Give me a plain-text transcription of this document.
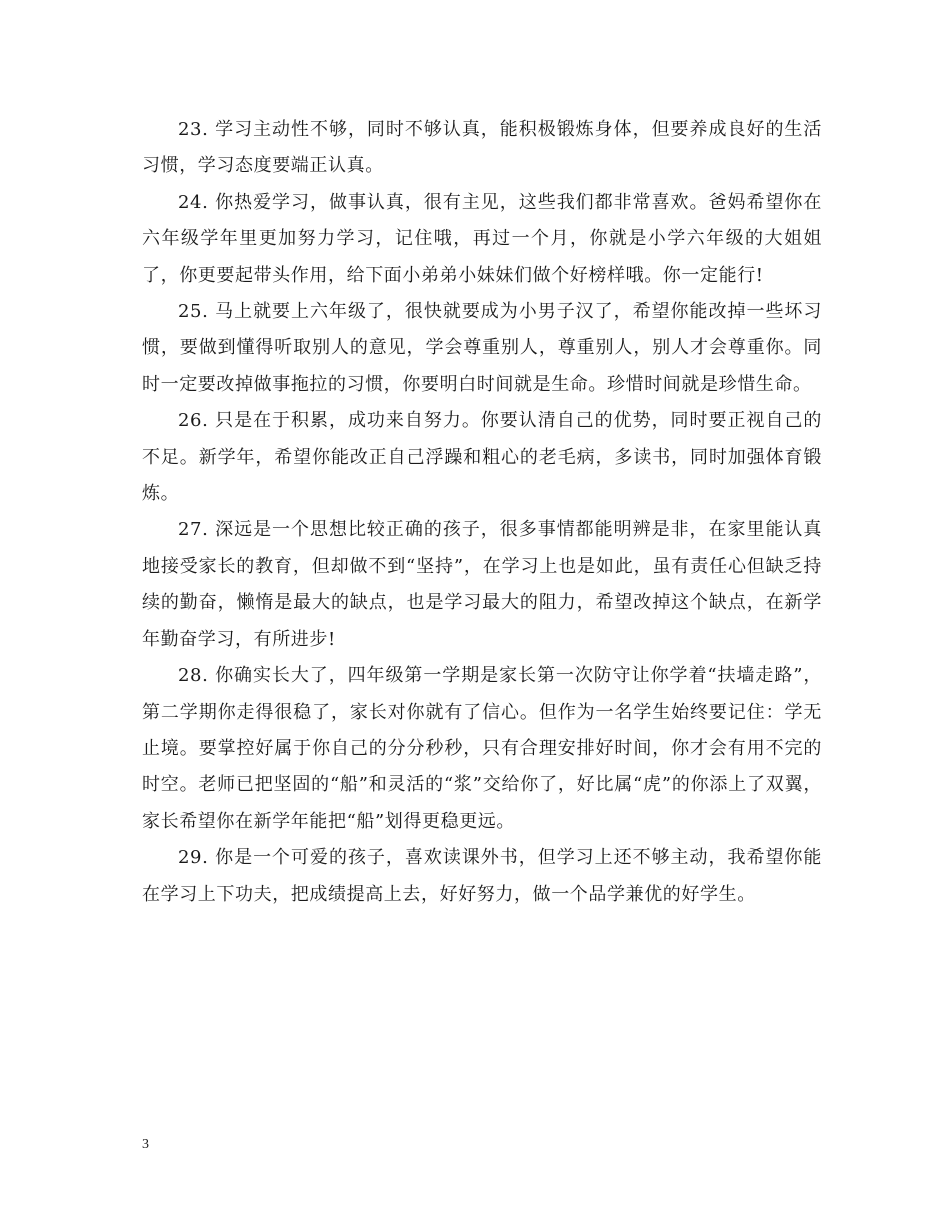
23. 学习主动性不够，同时不够认真，能积极锻炼身体，但要养成良好的生活习惯，学习态度要端正认真。

24. 你热爱学习，做事认真，很有主见，这些我们都非常喜欢。爸妈希望你在六年级学年里更加努力学习，记住哦，再过一个月，你就是小学六年级的大姐姐了，你更要起带头作用，给下面小弟弟小妹妹们做个好榜样哦。你一定能行!

25. 马上就要上六年级了，很快就要成为小男子汉了，希望你能改掉一些坏习惯，要做到懂得听取别人的意见，学会尊重别人，尊重别人，别人才会尊重你。同时一定要改掉做事拖拉的习惯，你要明白时间就是生命。珍惜时间就是珍惜生命。

26. 只是在于积累，成功来自努力。你要认清自己的优势，同时要正视自己的不足。新学年，希望你能改正自己浮躁和粗心的老毛病，多读书，同时加强体育锻炼。

27. 深远是一个思想比较正确的孩子，很多事情都能明辨是非，在家里能认真地接受家长的教育，但却做不到“坚持”，在学习上也是如此，虽有责任心但缺乏持续的勤奋，懒惰是最大的缺点，也是学习最大的阻力，希望改掉这个缺点，在新学年勤奋学习，有所进步!

28. 你确实长大了，四年级第一学期是家长第一次防守让你学着“扶墙走路”，第二学期你走得很稳了，家长对你就有了信心。但作为一名学生始终要记住：学无止境。要掌控好属于你自己的分分秒秒，只有合理安排好时间，你才会有用不完的时空。老师已把坚固的“船”和灵活的“浆”交给你了，好比属“虎”的你添上了双翼，家长希望你在新学年能把“船”划得更稳更远。

29. 你是一个可爱的孩子，喜欢读课外书，但学习上还不够主动，我希望你能在学习上下功夫，把成绩提高上去，好好努力，做一个品学兼优的好学生。

3
